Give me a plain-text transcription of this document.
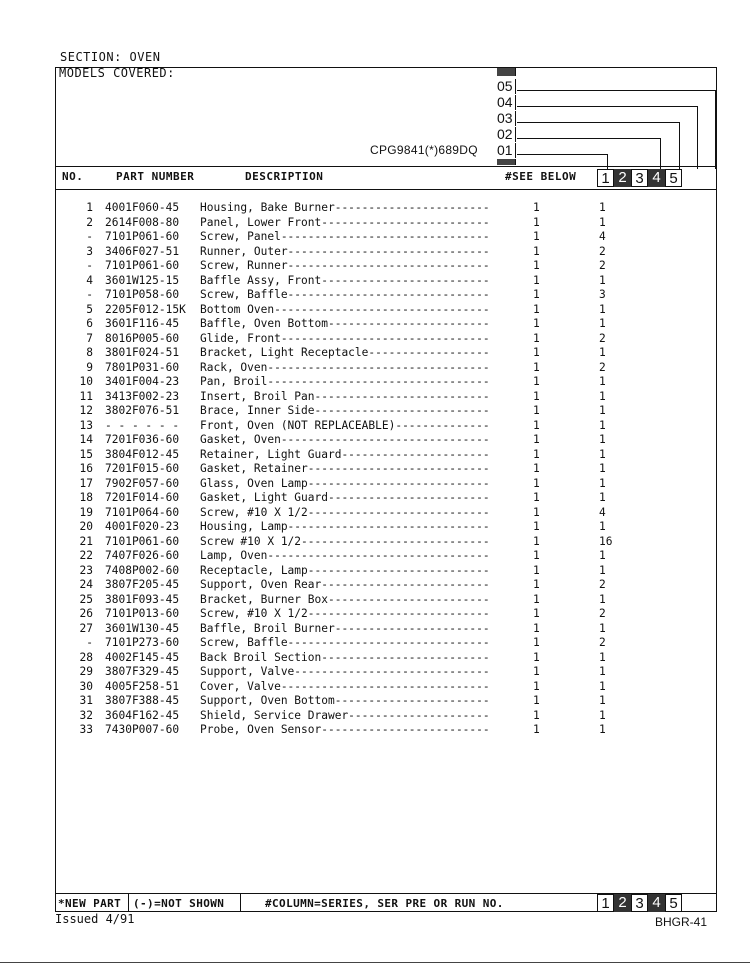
SECTION: OVEN
MODELS COVERED:
CPG9841(*)689DQ
05
04
03
02
01
NO.	PART NUMBER	DESCRIPTION	#SEE BELOW 1 2 3 4 5
1 4001F060-45 Housing, Bake Burner-----------------------	1	1
2 2614F008-80 Panel, Lower Front-------------------------	1	1
- 7101P061-60 Screw, Panel-------------------------------	1	4
3 3406F027-51 Runner, Outer------------------------------	1	2
- 7101P061-60 Screw, Runner------------------------------	1	2
4 3601W125-15 Baffle Assy, Front-------------------------	1	1
- 7101P058-60 Screw, Baffle------------------------------	1	3
5 2205F012-15K Bottom Oven--------------------------------	1	1
6 3601F116-45 Baffle, Oven Bottom------------------------	1	1
7 8016P005-60 Glide, Front-------------------------------	1	2
8 3801F024-51 Bracket, Light Receptacle------------------	1	1
9 7801P031-60 Rack, Oven---------------------------------	1	2
10 3401F004-23 Pan, Broil---------------------------------	1	1
11 3413F002-23 Insert, Broil Pan--------------------------	1	1
12 3802F076-51 Brace, Inner Side--------------------------	1	1
13 - - - - - - Front, Oven (NOT REPLACEABLE)--------------	1	1
14 7201F036-60 Gasket, Oven-------------------------------	1	1
15 3804F012-45 Retainer, Light Guard----------------------	1	1
16 7201F015-60 Gasket, Retainer---------------------------	1	1
17 7902F057-60 Glass, Oven Lamp---------------------------	1	1
18 7201F014-60 Gasket, Light Guard------------------------	1	1
19 7101P064-60 Screw, #10 X 1/2---------------------------	1	4
20 4001F020-23 Housing, Lamp------------------------------	1	1
21 7101P061-60 Screw #10 X 1/2----------------------------	1	16
22 7407F026-60 Lamp, Oven---------------------------------	1	1
23 7408P002-60 Receptacle, Lamp---------------------------	1	1
24 3807F205-45 Support, Oven Rear-------------------------	1	2
25 3801F093-45 Bracket, Burner Box------------------------	1	1
26 7101P013-60 Screw, #10 X 1/2---------------------------	1	2
27 3601W130-45 Baffle, Broil Burner-----------------------	1	1
- 7101P273-60 Screw, Baffle------------------------------	1	2
28 4002F145-45 Back Broil Section-------------------------	1	1
29 3807F329-45 Support, Valve-----------------------------	1	1
30 4005F258-51 Cover, Valve-------------------------------	1	1
31 3807F388-45 Support, Oven Bottom-----------------------	1	1
32 3604F162-45 Shield, Service Drawer---------------------	1	1
33 7430P007-60 Probe, Oven Sensor-------------------------	1	1
*NEW PART (-)=NOT SHOWN	#COLUMN=SERIES, SER PRE OR RUN NO.	1 2 3 4 5
Issued 4/91	BHGR-41
